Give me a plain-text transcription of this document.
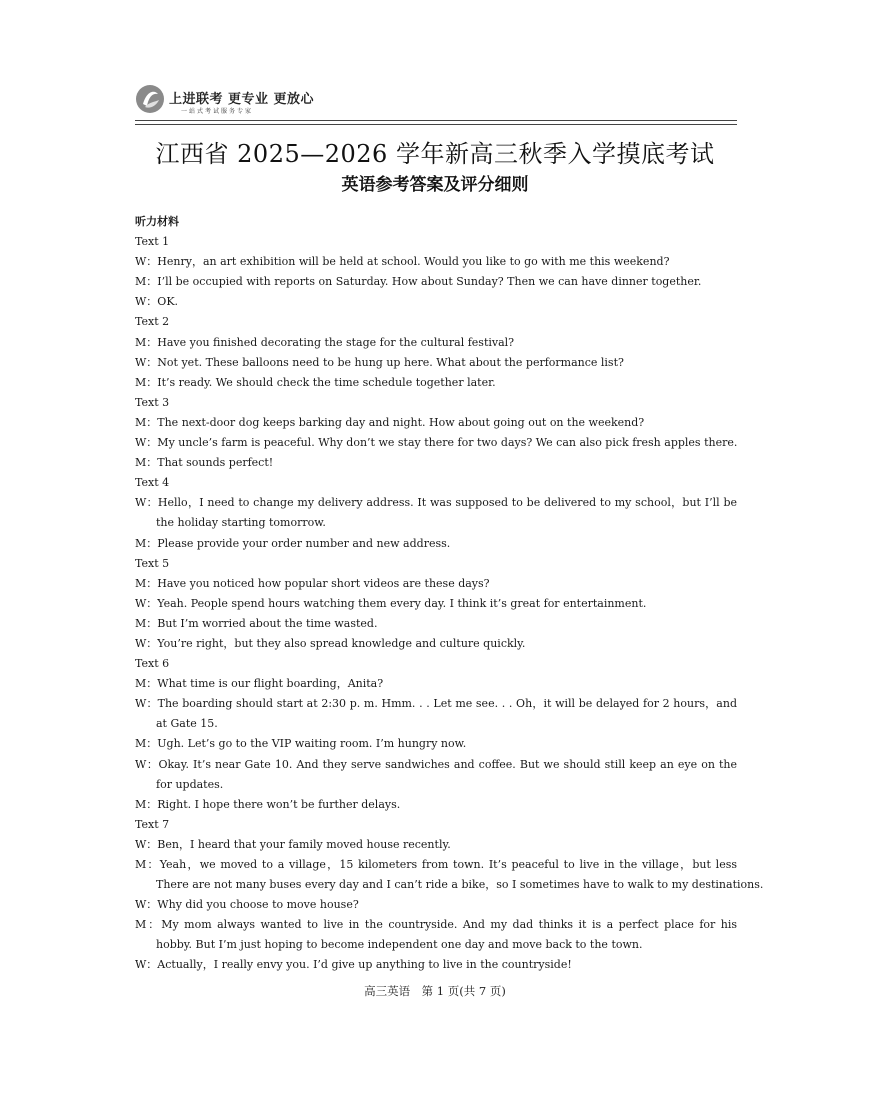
上进联考 更专业 更放心
一站式考试服务专家
江西省 2025—2026 学年新高三秋季入学摸底考试
英语参考答案及评分细则
听力材料
Text 1
W：Henry，an art exhibition will be held at school. Would you like to go with me this weekend?
M：I’ll be occupied with reports on Saturday. How about Sunday? Then we can have dinner together.
W：OK.
Text 2
M：Have you finished decorating the stage for the cultural festival?
W：Not yet. These balloons need to be hung up here. What about the performance list?
M：It’s ready. We should check the time schedule together later.
Text 3
M：The next-door dog keeps barking day and night. How about going out on the weekend?
W：My uncle’s farm is peaceful. Why don’t we stay there for two days? We can also pick fresh apples there.
M：That sounds perfect!
Text 4
W：Hello，I need to change my delivery address. It was supposed to be delivered to my school，but I’ll be
the holiday starting tomorrow.
M：Please provide your order number and new address.
Text 5
M：Have you noticed how popular short videos are these days?
W：Yeah. People spend hours watching them every day. I think it’s great for entertainment.
M：But I’m worried about the time wasted.
W：You’re right，but they also spread knowledge and culture quickly.
Text 6
M：What time is our flight boarding，Anita?
W：The boarding should start at 2:30 p. m. Hmm. . . Let me see. . . Oh，it will be delayed for 2 hours，and
at Gate 15.
M：Ugh. Let’s go to the VIP waiting room. I’m hungry now.
W：Okay. It’s near Gate 10. And they serve sandwiches and coffee. But we should still keep an eye on the
for updates.
M：Right. I hope there won’t be further delays.
Text 7
W：Ben，I heard that your family moved house recently.
M：Yeah，we moved to a village，15 kilometers from town. It’s peaceful to live in the village，but less
There are not many buses every day and I can’t ride a bike，so I sometimes have to walk to my destinations.
W：Why did you choose to move house?
M：My mom always wanted to live in the countryside. And my dad thinks it is a perfect place for his
hobby. But I’m just hoping to become independent one day and move back to the town.
W：Actually，I really envy you. I’d give up anything to live in the countryside!
高三英语　第 1 页(共 7 页)
